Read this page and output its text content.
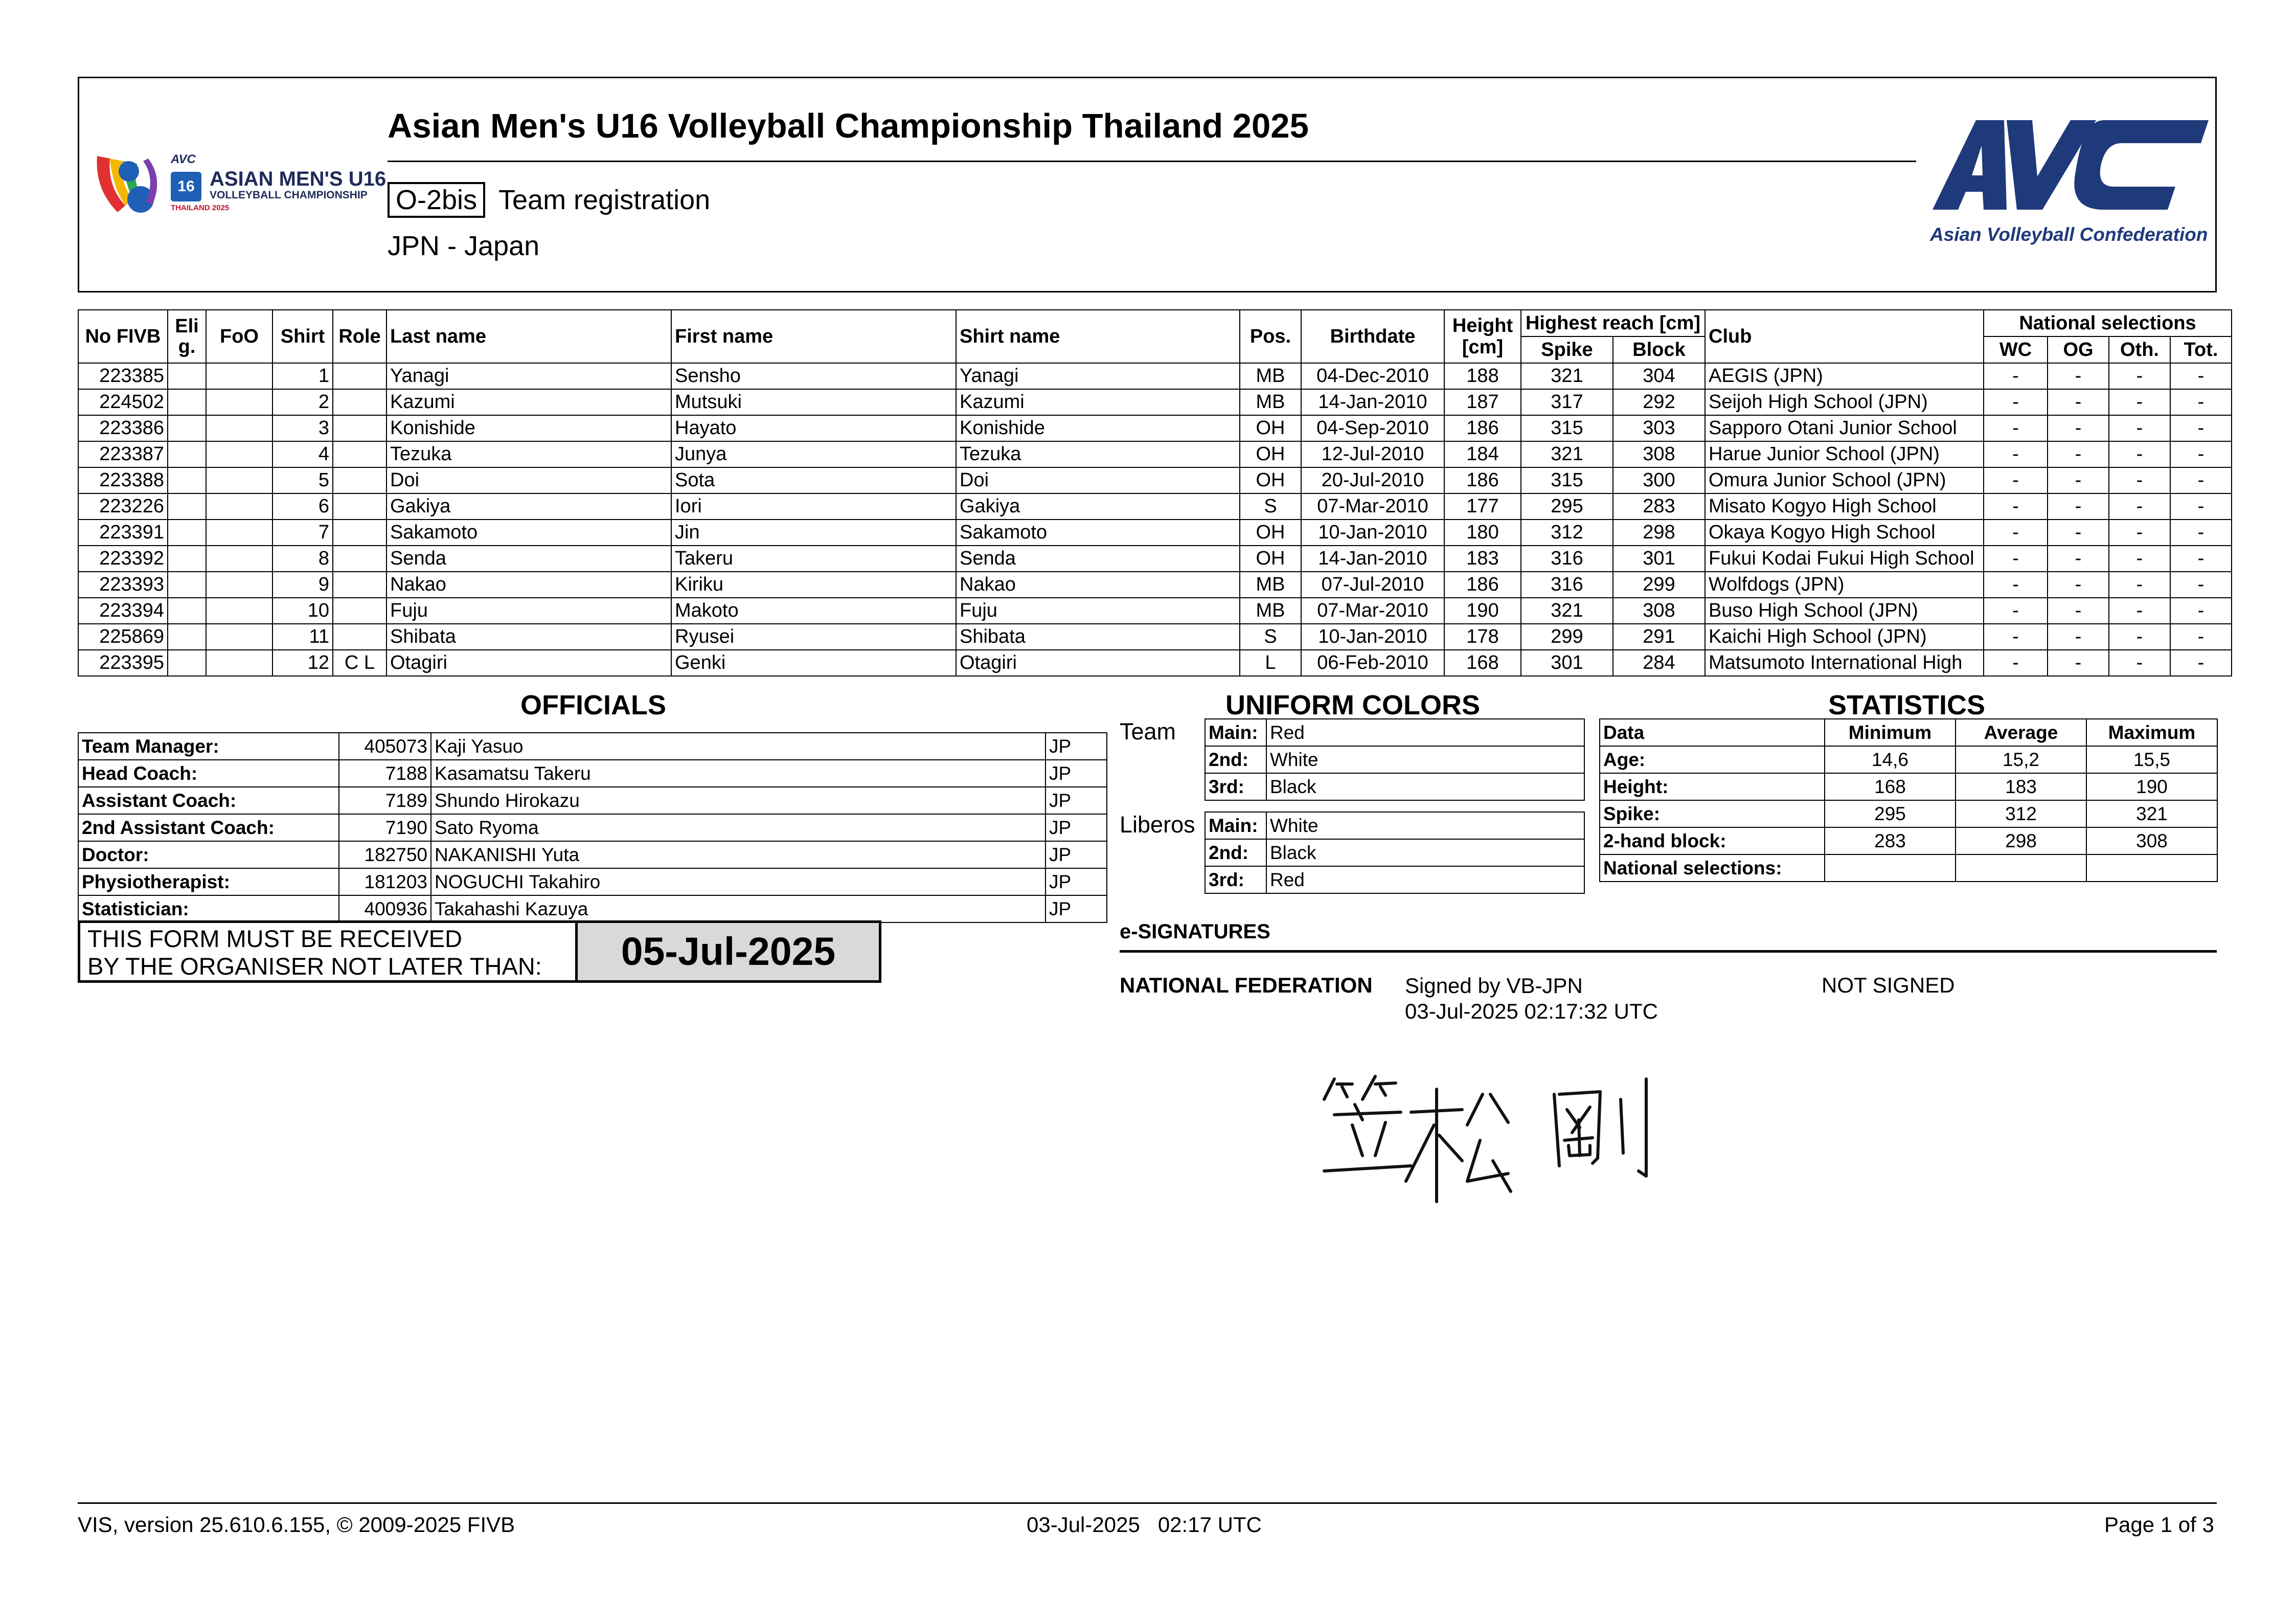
16
AVC
ASIAN MEN'S U16
VOLLEYBALL CHAMPIONSHIP
THAILAND 2025
Asian Men's U16 Volleyball Championship Thailand 2025
O-2bis Team registration
JPN - Japan
AVC
Asian Volleyball Confederation
No FIVB	Eli g.	FoO	Shirt	Role	Last name	First name	Shirt name	Pos.	Birthdate	Height [cm]	Highest reach [cm]		Club	National selections			
											Spike	Block		WC	OG	Oth.	Tot.
223385			1		Yanagi	Sensho	Yanagi	MB	04-Dec-2010	188	321	304	AEGIS (JPN)	-	-	-	-
224502			2		Kazumi	Mutsuki	Kazumi	MB	14-Jan-2010	187	317	292	Seijoh High School (JPN)	-	-	-	-
223386			3		Konishide	Hayato	Konishide	OH	04-Sep-2010	186	315	303	Sapporo Otani Junior School	-	-	-	-
223387			4		Tezuka	Junya	Tezuka	OH	12-Jul-2010	184	321	308	Harue Junior School (JPN)	-	-	-	-
223388			5		Doi	Sota	Doi	OH	20-Jul-2010	186	315	300	Omura Junior School (JPN)	-	-	-	-
223226			6		Gakiya	Iori	Gakiya	S	07-Mar-2010	177	295	283	Misato Kogyo High School	-	-	-	-
223391			7		Sakamoto	Jin	Sakamoto	OH	10-Jan-2010	180	312	298	Okaya Kogyo High School	-	-	-	-
223392			8		Senda	Takeru	Senda	OH	14-Jan-2010	183	316	301	Fukui Kodai Fukui High School	-	-	-	-
223393			9		Nakao	Kiriku	Nakao	MB	07-Jul-2010	186	316	299	Wolfdogs (JPN)	-	-	-	-
223394			10		Fuju	Makoto	Fuju	MB	07-Mar-2010	190	321	308	Buso High School (JPN)	-	-	-	-
225869			11		Shibata	Ryusei	Shibata	S	10-Jan-2010	178	299	291	Kaichi High School (JPN)	-	-	-	-
223395			12	C L	Otagiri	Genki	Otagiri	L	06-Feb-2010	168	301	284	Matsumoto International High	-	-	-	-
OFFICIALS
Team Manager:	405073	Kaji Yasuo	JP
Head Coach:	7188	Kasamatsu Takeru	JP
Assistant Coach:	7189	Shundo Hirokazu	JP
2nd Assistant Coach:	7190	Sato Ryoma	JP
Doctor:	182750	NAKANISHI Yuta	JP
Physiotherapist:	181203	NOGUCHI Takahiro	JP
Statistician:	400936	Takahashi Kazuya	JP
THIS FORM MUST BE RECEIVED
BY THE ORGANISER NOT LATER THAN:	05-Jul-2025
UNIFORM COLORS
Team Main:	Red
2nd:	White
3rd:	Black
Liberos Main:	White
2nd:	Black
3rd:	Red
STATISTICS
Data	Minimum	Average	Maximum
Age:	14,6	15,2	15,5
Height:	168	183	190
Spike:	295	312	321
2-hand block:	283	298	308
National selections:			
e-SIGNATURES
NATIONAL FEDERATION Signed by VB-JPN
03-Jul-2025 02:17:32 UTC
NOT SIGNED
笠松 剛
VIS, version 25.610.6.155, © 2009-2025 FIVB	03-Jul-2025   02:17 UTC	Page 1 of 3
